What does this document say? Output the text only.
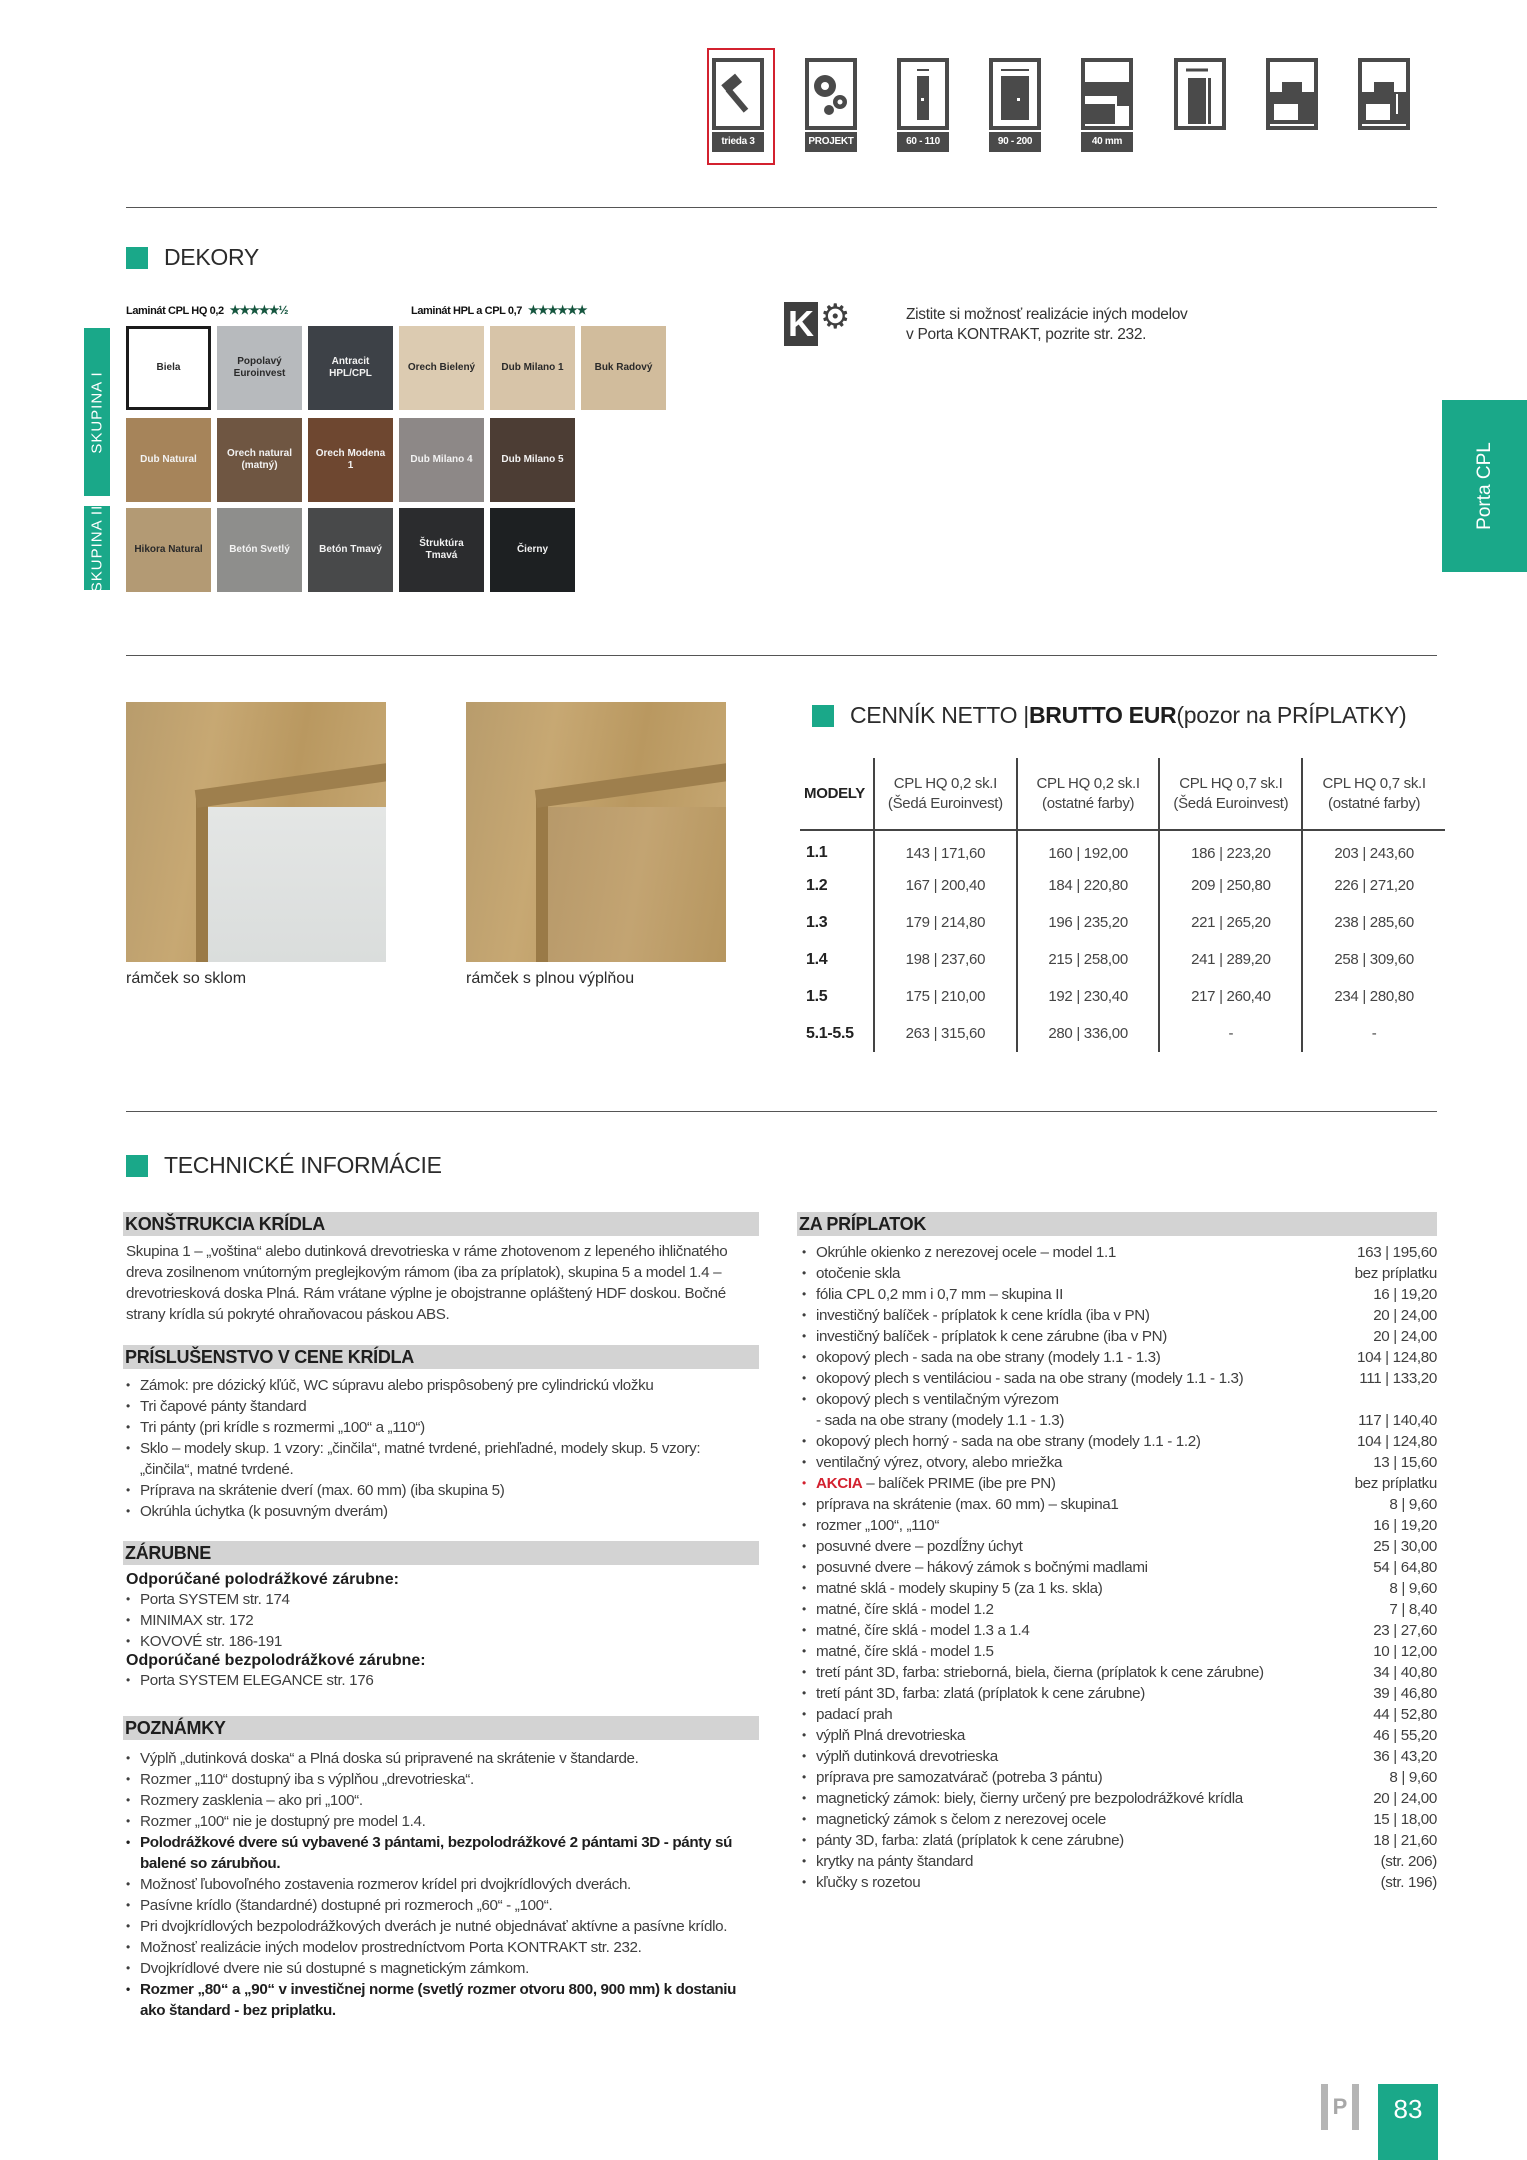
trieda 3	PROJEKT	60 - 110	90 - 200	40 mm
DEKORY
Laminát CPL HQ 0,2 ★★★★★½	Laminát HPL a CPL 0,7 ★★★★★★
SKUPINA I
SKUPINA II
Biela
Popolavý Euroinvest
Antracit HPL/CPL
Orech Bielený	Dub Milano 1	Buk Radový
Dub Natural
Orech natural (matný)
Orech Modena 1
Dub Milano 4	Dub Milano 5
Hikora Natural	Betón Svetlý	Betón Tmavý
Štruktúra Tmavá
Čierny
K ⚙	Zistite si možnosť realizácie iných modelov
v Porta KONTRAKT, pozrite str. 232.
Porta CPL
rámček so sklom	rámček s plnou výplňou
CENNÍK NETTO | BRUTTO EUR (pozor na PRÍPLATKY)
MODELY	CPL HQ 0,2 sk.I (Šedá Euroinvest)	CPL HQ 0,2 sk.I (ostatné farby)	CPL HQ 0,7 sk.I (Šedá Euroinvest)	CPL HQ 0,7 sk.I (ostatné farby)
1.1	143 | 171,60	160 | 192,00	186 | 223,20	203 | 243,60
1.2	167 | 200,40	184 | 220,80	209 | 250,80	226 | 271,20
1.3	179 | 214,80	196 | 235,20	221 | 265,20	238 | 285,60
1.4	198 | 237,60	215 | 258,00	241 | 289,20	258 | 309,60
1.5	175 | 210,00	192 | 230,40	217 | 260,40	234 | 280,80
5.1-5.5	263 | 315,60	280 | 336,00	-	-
TECHNICKÉ INFORMÁCIE
KONŠTRUKCIA KRÍDLA
Skupina 1 – „voština“ alebo dutinková drevotrieska v ráme zhotovenom z lepeného ihličnatého dreva zosilnenom vnútorným preglejkovým rámom (iba za príplatok), skupina 5 a model 1.4 – drevotriesková doska Plná. Rám vrátane výplne je obojstranne opláštený HDF doskou. Bočné strany krídla sú pokryté ohraňovacou páskou ABS.
PRÍSLUŠENSTVO V CENE KRÍDLA
• Zámok: pre dózický kľúč, WC súpravu alebo prispôsobený pre cylindrickú vložku
• Tri čapové pánty štandard
• Tri pánty (pri krídle s rozmermi „100“ a „110“)
• Sklo – modely skup. 1 vzory: „činčila“, matné tvrdené, priehľadné, modely skup. 5 vzory: „činčila“, matné tvrdené.
• Príprava na skrátenie dverí (max. 60 mm) (iba skupina 5)
• Okrúhla úchytka (k posuvným dverám)
ZÁRUBNE
Odporúčané polodrážkové zárubne:
• Porta SYSTEM str. 174
• MINIMAX str. 172
• KOVOVÉ str. 186-191
Odporúčané bezpolodrážkové zárubne:
• Porta SYSTEM ELEGANCE str. 176
POZNÁMKY
• Výplň „dutinková doska“ a Plná doska sú pripravené na skrátenie v štandarde.
• Rozmer „110“ dostupný iba s výplňou „drevotrieska“.
• Rozmery zasklenia – ako pri „100“.
• Rozmer „100“ nie je dostupný pre model 1.4.
• Polodrážkové dvere sú vybavené 3 pántami, bezpolodrážkové 2 pántami 3D - pánty sú balené so zárubňou.
• Možnosť ľubovoľného zostavenia rozmerov krídel pri dvojkrídlových dverách.
• Pasívne krídlo (štandardné) dostupné pri rozmeroch „60“ - „100“.
• Pri dvojkrídlových bezpolodrážkových dverách je nutné objednávať aktívne a pasívne krídlo.
• Možnosť realizácie iných modelov prostredníctvom Porta KONTRAKT str. 232.
• Dvojkrídlové dvere nie sú dostupné s magnetickým zámkom.
• Rozmer „80“ a „90“ v investičnej norme (svetlý rozmer otvoru 800, 900 mm) k dostaniu ako štandard - bez priplatku.
ZA PRÍPLATOK
• Okrúhle okienko z nerezovej ocele – model 1.1	163 | 195,60
• otočenie skla	bez príplatku
• fólia CPL 0,2 mm i 0,7 mm – skupina II	16 | 19,20
• investičný balíček - príplatok k cene krídla (iba v PN)	20 | 24,00
• investičný balíček - príplatok k cene zárubne (iba v PN)	20 | 24,00
• okopový plech - sada na obe strany (modely 1.1 - 1.3)	104 | 124,80
• okopový plech s ventiláciou - sada na obe strany (modely 1.1 - 1.3)	111 | 133,20
• okopový plech s ventilačným výrezom
- sada na obe strany (modely 1.1 - 1.3)	117 | 140,40
• okopový plech horný - sada na obe strany (modely 1.1 - 1.2)	104 | 124,80
• ventilačný výrez, otvory, alebo mriežka	13 | 15,60
• AKCIA – balíček PRIME (ibe pre PN)	bez príplatku
• príprava na skrátenie (max. 60 mm) – skupina1	8 | 9,60
• rozmer „100“, „110“	16 | 19,20
• posuvné dvere – pozdĺžny úchyt	25 | 30,00
• posuvné dvere – hákový zámok s bočnými madlami	54 | 64,80
• matné sklá - modely skupiny 5 (za 1 ks. skla)	8 | 9,60
• matné, číre sklá - model 1.2	7 | 8,40
• matné, číre sklá - model 1.3 a 1.4	23 | 27,60
• matné, číre sklá - model 1.5	10 | 12,00
• tretí pánt 3D, farba: strieborná, biela, čierna (príplatok k cene zárubne)	34 | 40,80
• tretí pánt 3D, farba: zlatá (príplatok k cene zárubne)	39 | 46,80
• padací prah	44 | 52,80
• výplň Plná drevotrieska	46 | 55,20
• výplň dutinková drevotrieska	36 | 43,20
• príprava pre samozatvárač (potreba 3 pántu)	8 | 9,60
• magnetický zámok: biely, čierny určený pre bezpolodrážkové krídla	20 | 24,00
• magnetický zámok s čelom z nerezovej ocele	15 | 18,00
• pánty 3D, farba: zlatá (príplatok k cene zárubne)	18 | 21,60
• krytky na pánty štandard	(str. 206)
• kľučky s rozetou	(str. 196)
P	83
